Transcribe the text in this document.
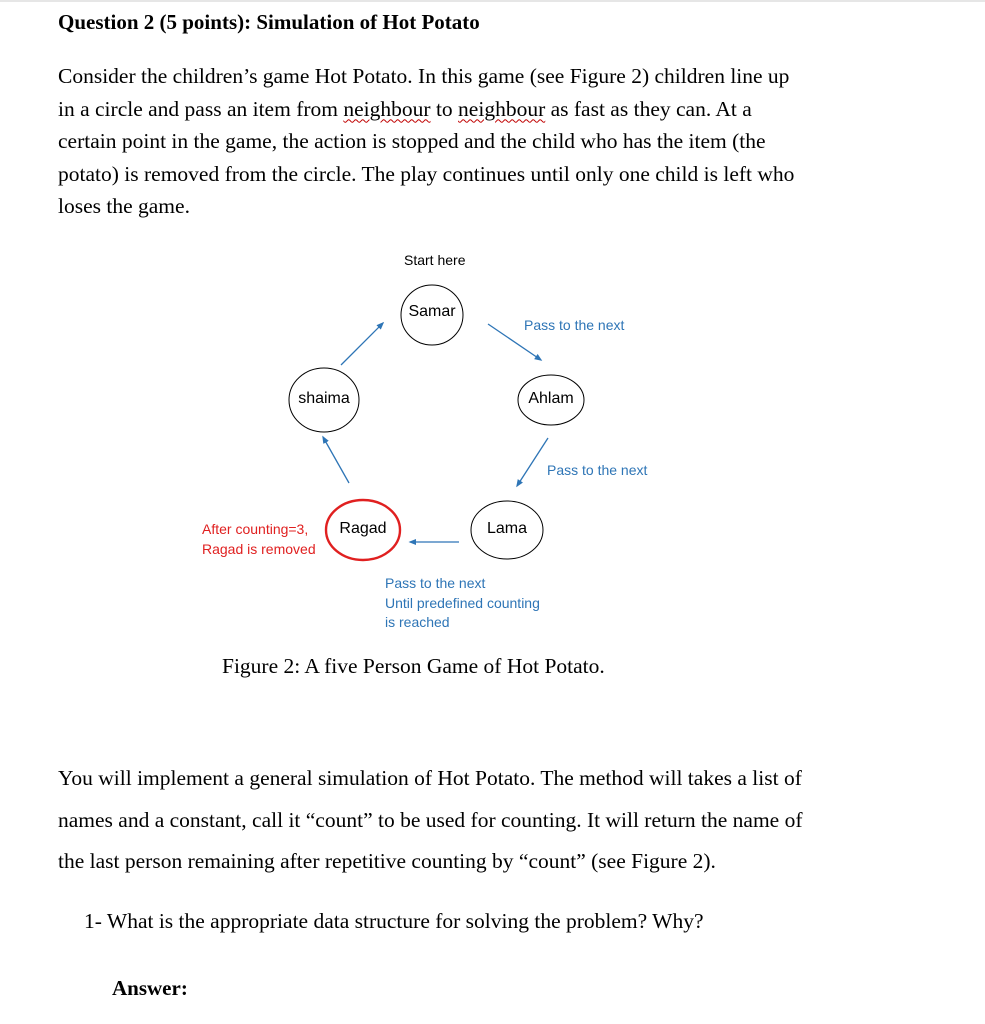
Question 2 (5 points): Simulation of Hot Potato

Consider the children’s game Hot Potato. In this game (see Figure 2) children line up

in a circle and pass an item from neighbour to neighbour as fast as they can. At a

certain point in the game, the action is stopped and the child who has the item (the

potato) is removed from the circle. The play continues until only one child is left who

loses the game.

Start here
Samar
Ahlam
Lama
Ragad
shaima
Pass to the next
Pass to the next
Pass to the next
Until predefined counting
is reached
After counting=3,
Ragad is removed
Figure 2: A five Person Game of Hot Potato.

You will implement a general simulation of Hot Potato. The method will takes a list of

names and a constant, call it “count” to be used for counting. It will return the name of

the last person remaining after repetitive counting by “count” (see Figure 2).

1- What is the appropriate data structure for solving the problem? Why?
Answer:
